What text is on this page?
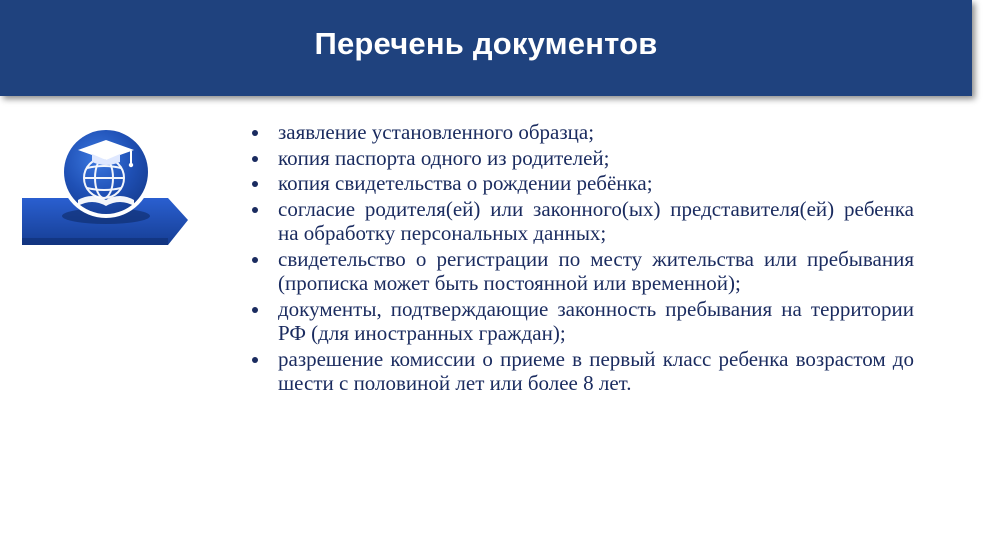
Перечень документов
заявление установленного образца;
копия паспорта одного из родителей;
копия свидетельства о рождении ребёнка;
согласие родителя(ей) или законного(ых) представителя(ей) ребенка на обработку персональных данных;
свидетельство о регистрации по месту жительства или пребывания (прописка может быть постоянной или временной);
документы, подтверждающие законность пребывания на территории РФ (для иностранных граждан);
разрешение комиссии о приеме в первый класс ребенка возрастом до шести с половиной лет или более 8 лет.
